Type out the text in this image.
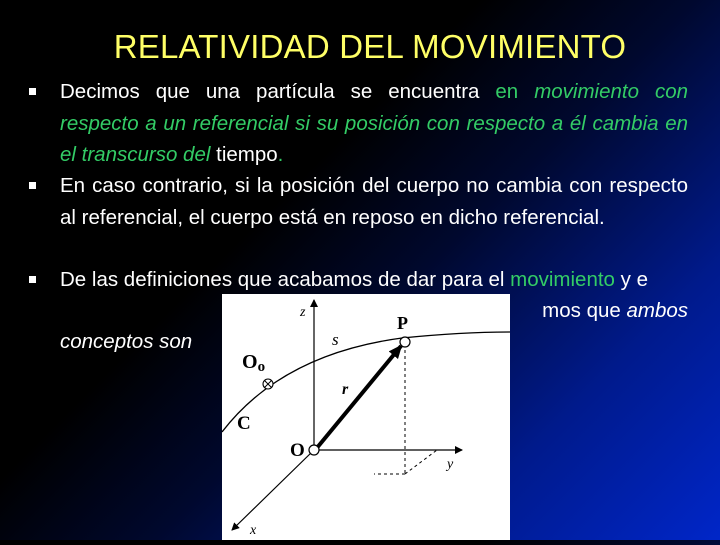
RELATIVIDAD DEL MOVIMIENTO
Decimos que una partícula se encuentra en movimiento con respecto a un referencial si su posición con respecto a él cambia en el transcurso del tiempo.
En caso contrario, si la posición del cuerpo no cambia con respecto al referencial, el cuerpo está en reposo en dicho referencial.
De las definiciones que acabamos de dar para el movimiento y e
mos que ambos
conceptos son
z
s
P
Oo
r
C
O
y
x
